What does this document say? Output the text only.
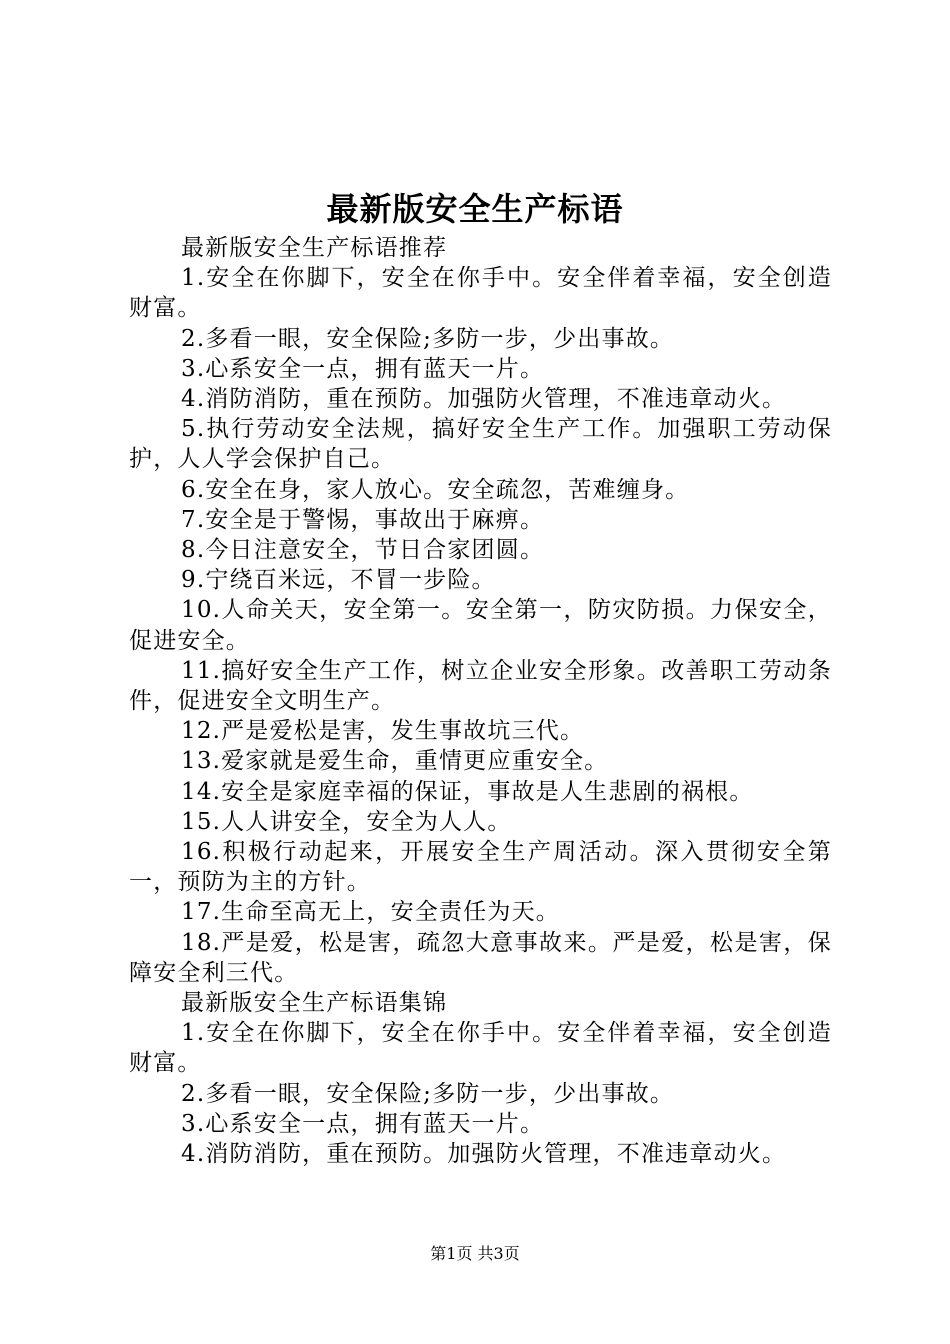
最新版安全生产标语

最新版安全生产标语推荐

1.安全在你脚下，安全在你手中。安全伴着幸福，安全创造财富。

2.多看一眼，安全保险;多防一步，少出事故。

3.心系安全一点，拥有蓝天一片。

4.消防消防，重在预防。加强防火管理，不准违章动火。

5.执行劳动安全法规，搞好安全生产工作。加强职工劳动保护，人人学会保护自己。

6.安全在身，家人放心。安全疏忽，苦难缠身。

7.安全是于警惕，事故出于麻痹。

8.今日注意安全，节日合家团圆。

9.宁绕百米远，不冒一步险。

10.人命关天，安全第一。安全第一，防灾防损。力保安全，促进安全。

11.搞好安全生产工作，树立企业安全形象。改善职工劳动条件，促进安全文明生产。

12.严是爱松是害，发生事故坑三代。

13.爱家就是爱生命，重情更应重安全。

14.安全是家庭幸福的保证，事故是人生悲剧的祸根。

15.人人讲安全，安全为人人。

16.积极行动起来，开展安全生产周活动。深入贯彻安全第一，预防为主的方针。

17.生命至高无上，安全责任为天。

18.严是爱，松是害，疏忽大意事故来。严是爱，松是害，保障安全利三代。

最新版安全生产标语集锦

1.安全在你脚下，安全在你手中。安全伴着幸福，安全创造财富。

2.多看一眼，安全保险;多防一步，少出事故。

3.心系安全一点，拥有蓝天一片。

4.消防消防，重在预防。加强防火管理，不准违章动火。

第1页 共3页
